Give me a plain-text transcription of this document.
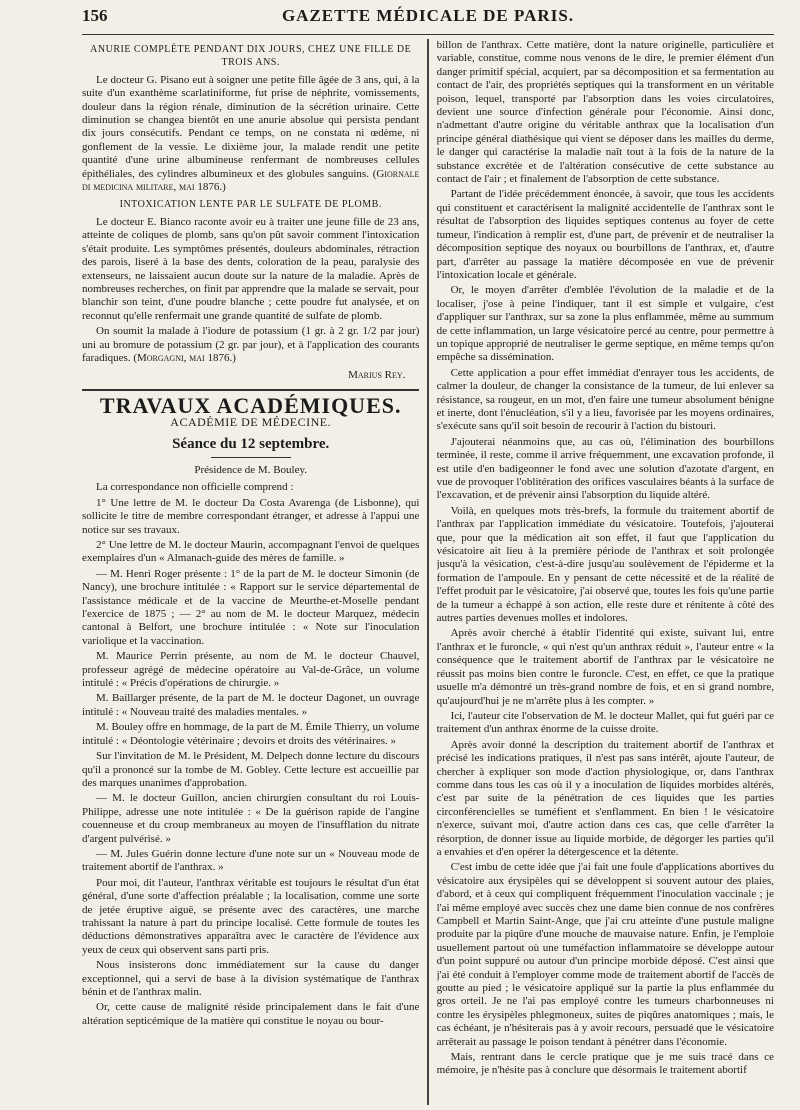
156	GAZETTE MÉDICALE DE PARIS.
ANURIE COMPLÈTE PENDANT DIX JOURS, CHEZ UNE FILLE DE TROIS ANS.

Le docteur G. Pisano eut à soigner une petite fille âgée de 3 ans, qui, à la suite d'un exanthème scarlatiniforme, fut prise de néphrite, vomissements, douleur dans la région rénale, diminution de la sécrétion urinaire. Cette diminution se changea bientôt en une anurie absolue qui persista pendant dix jours consécutifs. Pendant ce temps, on ne constata ni œdème, ni gonflement de la vessie. Le dixième jour, la malade rendit une petite quantité d'une urine albumineuse renfermant de nombreuses cellules épithéliales, des cylindres albumineux et des globules sanguins. (Giornale di medicina militare, mai 1876.)

INTOXICATION LENTE PAR LE SULFATE DE PLOMB.

Le docteur E. Bianco raconte avoir eu à traiter une jeune fille de 23 ans, atteinte de coliques de plomb, sans qu'on pût savoir comment l'intoxication s'était produite. Les symptômes présentés, douleurs abdominales, rétraction des parois, liseré à la base des dents, coloration de la peau, paralysie des extenseurs, ne laissaient aucun doute sur la nature de la maladie. Après de nombreuses recherches, on finit par apprendre que la malade se servait, pour blanchir son teint, d'une poudre blanche ; cette poudre fut analysée, et on reconnut qu'elle renfermait une grande quantité de sulfate de plomb.

On soumit la malade à l'iodure de potassium (1 gr. à 2 gr. 1/2 par jour) uni au bromure de potassium (2 gr. par jour), et à l'application des courants faradiques. (Morgagni, mai 1876.)

Marius Rey.
TRAVAUX ACADÉMIQUES.
ACADÉMIE DE MÉDECINE.
Séance du 12 septembre.
Présidence de M. Bouley.

La correspondance non officielle comprend :

1° Une lettre de M. le docteur Da Costa Avarenga (de Lisbonne), qui sollicite le titre de membre correspondant étranger, et adresse à l'appui une notice sur ses travaux.

2° Une lettre de M. le docteur Maurin, accompagnant l'envoi de quelques exemplaires d'un « Almanach-guide des mères de famille. »

— M. Henri Roger présente : 1° de la part de M. le docteur Simonin (de Nancy), une brochure intitulée : « Rapport sur le service départemental de l'assistance médicale et de la vaccine de Meurthe-et-Moselle pendant l'exercice de 1875 ; — 2° au nom de M. le docteur Marquez, médecin cantonal à Belfort, une brochure intitulée : « Note sur l'inoculation variolique et la vaccination.

M. Maurice Perrin présente, au nom de M. le docteur Chauvel, professeur agrégé de médecine opératoire au Val-de-Grâce, un volume intitulé : « Précis d'opérations de chirurgie. »

M. Baillarger présente, de la part de M. le docteur Dagonet, un ouvrage intitulé : « Nouveau traité des maladies mentales. »

M. Bouley offre en hommage, de la part de M. Émile Thierry, un volume intitulé : « Déontologie vétérinaire ; devoirs et droits des vétérinaires. »

Sur l'invitation de M. le Président, M. Delpech donne lecture du discours qu'il a prononcé sur la tombe de M. Gobley. Cette lecture est accueillie par des marques unanimes d'approbation.

— M. le docteur Guillon, ancien chirurgien consultant du roi Louis-Philippe, adresse une note intitulée : « De la guérison rapide de l'angine couenneuse et du croup membraneux au moyen de l'insufflation du nitrate d'argent pulvérisé. »

— M. Jules Guérin donne lecture d'une note sur un « Nouveau mode de traitement abortif de l'anthrax. »

Pour moi, dit l'auteur, l'anthrax véritable est toujours le résultat d'un état général, d'une sorte d'affection préalable ; la localisation, comme une sorte de jetée éruptive aiguë, se présente avec des caractères, une marche trahissant la nature à part du principe localisé. Cette formule de toutes les déductions démonstratives apparaîtra avec le caractère de l'évidence aux yeux de ceux qui observent sans parti pris.

Nous insisterons donc immédiatement sur la cause du danger exceptionnel, qui a servi de base à la division systématique de l'anthrax bénin et de l'anthrax malin.

Or, cette cause de malignité réside principalement dans le fait d'une altération septicémique de la matière qui constitue le noyau ou bour-

billon de l'anthrax. Cette matière, dont la nature originelle, particulière et variable, constitue, comme nous venons de le dire, le premier élément d'un danger primitif spécial, acquiert, par sa décomposition et sa fermentation au contact de l'air, des propriétés septiques qui la transforment en un véritable poison, lequel, transporté par l'absorption dans les voies circulatoires, devient une source d'infection générale pour l'économie. Ainsi donc, n'admettant d'autre origine du véritable anthrax que la localisation d'un principe général diathésique qui vient se déposer dans les mailles du derme, le danger qui caractérise la maladie naît tout à la fois de la nature de la substance excrétée et de l'altération consécutive de cette substance au contact de l'air ; et finalement de l'absorption de cette substance.

Partant de l'idée précédemment énoncée, à savoir, que tous les accidents qui constituent et caractérisent la malignité accidentelle de l'anthrax sont le résultat de l'absorption des liquides septiques contenus au foyer de cette tumeur, l'indication à remplir est, d'une part, de prévenir et de neutraliser la décomposition septique des noyaux ou bourbillons de l'anthrax, et, d'autre part, d'arrêter au passage la matière décomposée en vue de prévenir l'intoxication locale et générale.

Or, le moyen d'arrêter d'emblée l'évolution de la maladie et de la localiser, j'ose à peine l'indiquer, tant il est simple et vulgaire, c'est d'appliquer sur l'anthrax, sur sa zone la plus enflammée, même au summum de cette inflammation, un large vésicatoire percé au centre, pour permettre à un topique approprié de neutraliser le germe septique, en même temps qu'on empêche sa dissémination.

Cette application a pour effet immédiat d'enrayer tous les accidents, de calmer la douleur, de changer la consistance de la tumeur, de lui enlever sa résistance, sa rougeur, en un mot, d'en faire une tumeur absolument bénigne et inerte, dont l'énucléation, s'il y a lieu, favorisée par les moyens ordinaires, s'exécute sans qu'il soit besoin de recourir à l'action du bistouri.

J'ajouterai néanmoins que, au cas où, l'élimination des bourbillons terminée, il reste, comme il arrive fréquemment, une excavation profonde, il est utile d'en badigeonner le fond avec une solution d'azotate d'argent, en vue de provoquer l'oblitération des orifices vasculaires béants à la surface de l'excavation, et de prévenir ainsi l'absorption du liquide altéré.

Voilà, en quelques mots très-brefs, la formule du traitement abortif de l'anthrax par l'application immédiate du vésicatoire. Toutefois, j'ajouterai que, pour que la médication ait son effet, il faut que l'application du vésicatoire ait lieu à la première période de l'anthrax et soit prolongée jusqu'à la vésication, c'est-à-dire jusqu'au soulèvement de l'épiderme et la formation de l'ampoule. En y pensant de cette nécessité et de la réalité de l'effet produit par le vésicatoire, j'ai observé que, toutes les fois qu'une partie de la tumeur a échappé à son action, elle reste dure et rénitente à côté des autres parties devenues molles et indolores.

Après avoir cherché à établir l'identité qui existe, suivant lui, entre l'anthrax et le furoncle, « qui n'est qu'un anthrax réduit », l'auteur entre « la conséquence que le traitement abortif de l'anthrax par le vésicatoire ne réussit pas moins bien contre le furoncle. C'est, en effet, ce que la pratique usuelle m'a démontré un très-grand nombre de fois, et en si grand nombre, qu'aujourd'hui je ne m'arrête plus à les compter. »

Ici, l'auteur cite l'observation de M. le docteur Mallet, qui fut guéri par ce traitement d'un anthrax énorme de la cuisse droite.

Après avoir donné la description du traitement abortif de l'anthrax et précisé les indications pratiques, il n'est pas sans intérêt, ajoute l'auteur, de chercher à expliquer son mode d'action physiologique, or, dans l'anthrax comme dans tous les cas où il y a inoculation de liquides morbides altérés, c'est par suite de la pénétration de ces liquides que les parties circonférencielles se tuméfient et s'enflamment. En bien ! le vésicatoire n'exerce, suivant moi, d'autre action dans ces cas, que celle d'arrêter la résorption, de donner issue au liquide morbide, de dégorger les parties qu'il a envahies et d'en opérer la détergescence et la détente.

C'est imbu de cette idée que j'ai fait une foule d'applications abortives du vésicatoire aux érysipèles qui se développent si souvent autour des plaies, d'abord, et à ceux qui compliquent fréquemment l'inoculation vaccinale ; je l'ai même employé avec succès chez une dame bien connue de nos confrères Campbell et Martin Saint-Ange, que j'ai cru atteinte d'une pustule maligne produite par la piqûre d'une mouche de mauvaise nature. Enfin, je l'emploie usuellement partout où une tuméfaction inflammatoire se développe autour d'un point suppuré ou autour d'un principe morbide déposé. C'est ainsi que j'ai été conduit à l'employer comme mode de traitement abortif de l'accès de goutte au pied ; le vésicatoire appliqué sur la partie la plus enflammée du gros orteil. Je ne l'ai pas employé contre les tumeurs charbonneuses ni contre les érysipèles phlegmoneux, suites de piqûres anatomiques ; mais, le cas échéant, je n'hésiterais pas à y avoir recours, persuadé que le vésicatoire arrêterait au passage le poison tendant à pénétrer dans l'économie.

Mais, rentrant dans le cercle pratique que je me suis tracé dans ce mémoire, je n'hésite pas à conclure que désormais le traitement abortif
